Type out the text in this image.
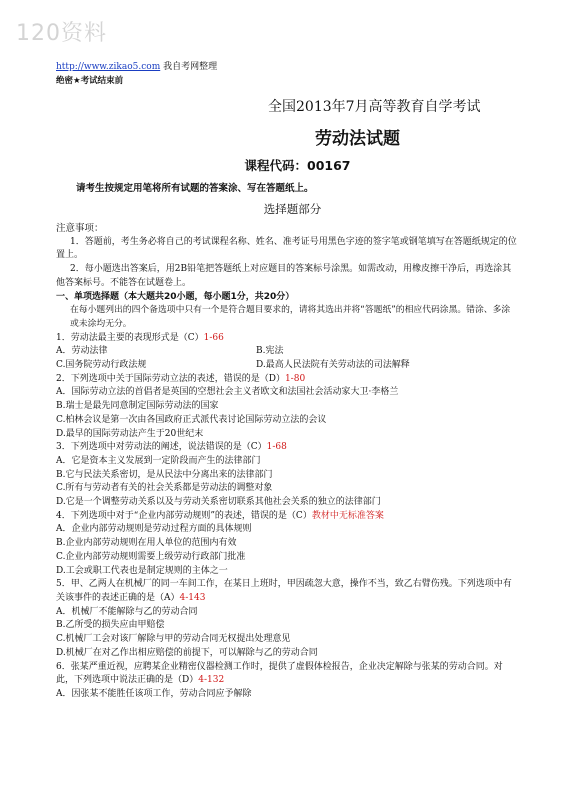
120资料
http://www.zikao5.com 我自考网整理
绝密★考试结束前
全国2013年7月高等教育自学考试
劳动法试题
课程代码：00167
请考生按规定用笔将所有试题的答案涂、写在答题纸上。
选择题部分

注意事项：

1．答题前，考生务必将自己的考试课程名称、姓名、准考证号用黑色字迹的签字笔或钢笔填写在答题纸规定的位置上。

2．每小题选出答案后，用2B铅笔把答题纸上对应题目的答案标号涂黑。如需改动，用橡皮擦干净后，再选涂其他答案标号。不能答在试题卷上。

一、单项选择题（本大题共20小题，每小题1分，共20分）

在每小题列出的四个备选项中只有一个是符合题目要求的，请将其选出并将“答题纸”的相应代码涂黑。错涂、多涂或未涂均无分。

1．劳动法最主要的表现形式是（C）1-66

A．劳动法律	B.宪法
C.国务院劳动行政法规	D.最高人民法院有关劳动法的司法解释

2．下列选项中关于国际劳动立法的表述，错误的是（D）1-80

A．国际劳动立法的首倡者是英国的空想社会主义者欧文和法国社会活动家大卫·李格兰

B.瑞士是最先同意制定国际劳动法的国家

C.柏林会议是第一次由各国政府正式派代表讨论国际劳动立法的会议

D.最早的国际劳动法产生于20世纪末

3．下列选项中对劳动法的阐述，说法错误的是（C）1-68

A．它是资本主义发展到一定阶段而产生的法律部门

B.它与民法关系密切，是从民法中分离出来的法律部门

C.所有与劳动者有关的社会关系都是劳动法的调整对象

D.它是一个调整劳动关系以及与劳动关系密切联系其他社会关系的独立的法律部门

4．下列选项中对于“企业内部劳动规则”的表述，错误的是（C）教材中无标准答案

A．企业内部劳动规则是劳动过程方面的具体规则

B.企业内部劳动规则在用人单位的范围内有效

C.企业内部劳动规则需要上级劳动行政部门批准

D.工会或职工代表也是制定规则的主体之一

5．甲、乙两人在机械厂的同一车间工作，在某日上班时，甲因疏忽大意，操作不当，致乙右臂伤残。下列选项中有关该事件的表述正确的是（A）4-143

A．机械厂不能解除与乙的劳动合同

B.乙所受的损失应由甲赔偿

C.机械厂工会对该厂解除与甲的劳动合同无权提出处理意见

D.机械厂在对乙作出相应赔偿的前提下，可以解除与乙的劳动合同

6．张某严重近视，应聘某企业精密仪器检测工作时，提供了虚假体检报告，企业决定解除与张某的劳动合同。对此，下列选项中说法正确的是（D）4-132

A．因张某不能胜任该项工作，劳动合同应予解除
